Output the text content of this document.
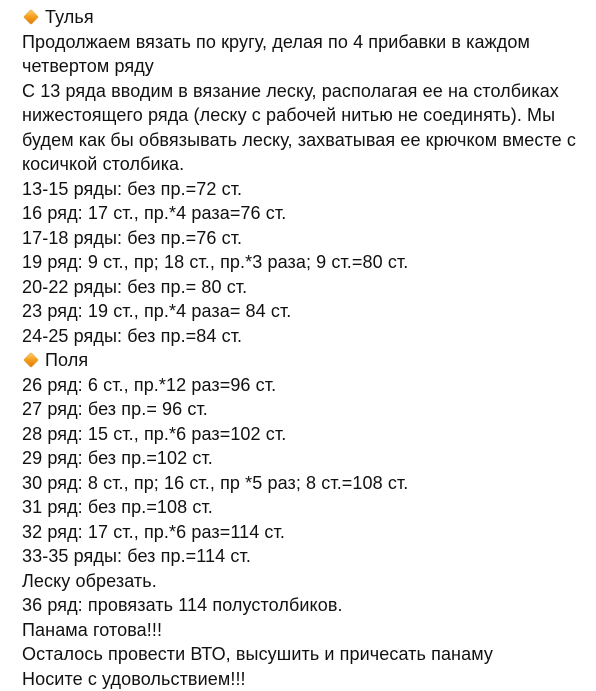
Тулья
Продолжаем вязать по кругу, делая по 4 прибавки в каждом четвертом ряду
С 13 ряда вводим в вязание леску, располагая ее на столбиках нижестоящего ряда (леску с рабочей нитью не соединять). Мы будем как бы обвязывать леску, захватывая ее крючком вместе с косичкой столбика.
13-15 ряды: без пр.=72 ст.
16 ряд: 17 ст., пр.*4 раза=76 ст.
17-18 ряды: без пр.=76 ст.
19 ряд: 9 ст., пр; 18 ст., пр.*3 раза; 9 ст.=80 ст.
20-22 ряды: без пр.= 80 ст.
23 ряд: 19 ст., пр.*4 раза= 84 ст.
24-25 ряды: без пр.=84 ст.
Поля
26 ряд: 6 ст., пр.*12 раз=96 ст.
27 ряд: без пр.= 96 ст.
28 ряд: 15 ст., пр.*6 раз=102 ст.
29 ряд: без пр.=102 ст.
30 ряд: 8 ст., пр; 16 ст., пр *5 раз; 8 ст.=108 ст.
31 ряд: без пр.=108 ст.
32 ряд: 17 ст., пр.*6 раз=114 ст.
33-35 ряды: без пр.=114 ст.
Леску обрезать.
36 ряд: провязать 114 полустолбиков.
Панама готова!!!
Осталось провести ВТО, высушить и причесать панаму
Носите с удовольствием!!!
